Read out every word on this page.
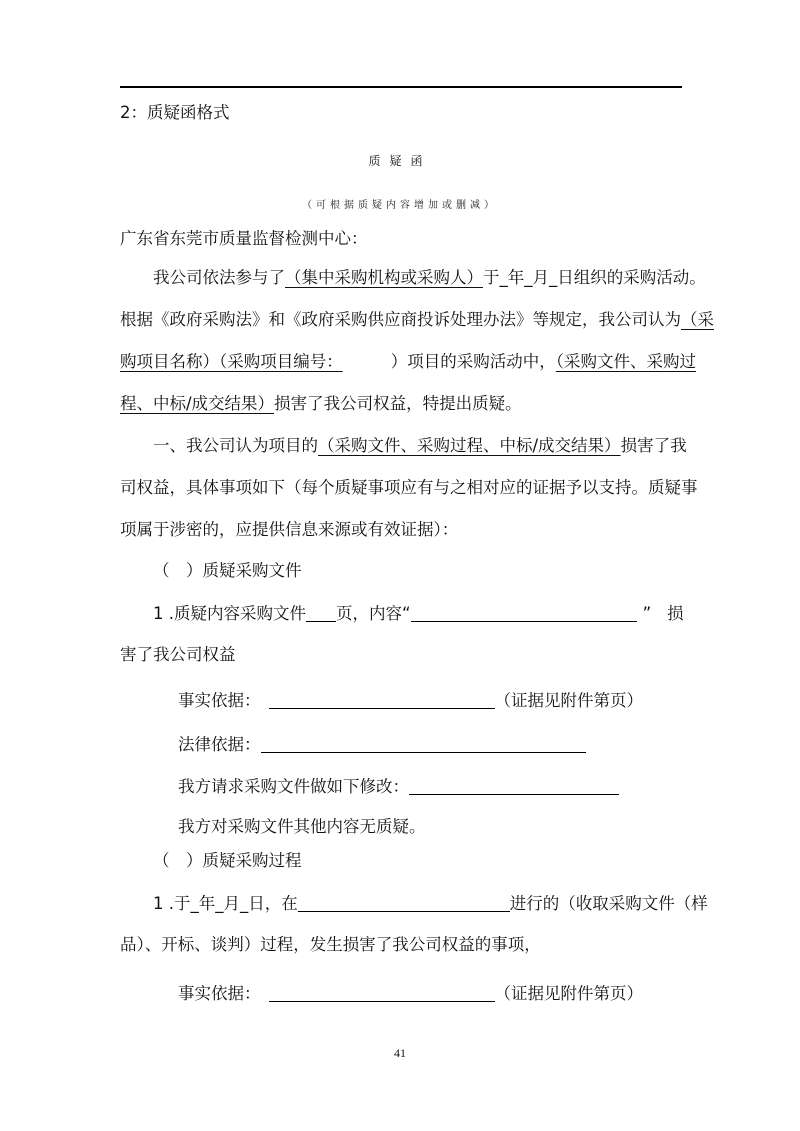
2：质疑函格式
质疑函
（可根据质疑内容增加或删减）
广东省东莞市质量监督检测中心：
我公司依法参与了（集中采购机构或采购人）于_年_月_日组织的采购活动。
根据《政府采购法》和《政府采购供应商投诉处理办法》等规定，我公司认为 （采
购项目名称）（采购项目编号：	）项目的采购活动中，（采购文件、采购过
程、中标/成交结果）损害了我公司权益，特提出质疑。
一、我公司认为项目的（采购文件、采购过程、中标/成交结果）损害了我
司权益，具体事项如下（每个质疑事项应有与之相对应的证据予以支持。质疑事
项属于涉密的，应提供信息来源或有效证据）：
（　）质疑采购文件
1 .质疑内容采购文件 页，内容“	” 损
害了我公司权益
事实依据：	（证据见附件第页）
法律依据：
我方请求采购文件做如下修改：
我方对采购文件其他内容无质疑。
（　）质疑采购过程
1 .于_年_月_日，在	进行的（收取采购文件（样
品）、开标、谈判）过程，发生损害了我公司权益的事项，
事实依据：	（证据见附件第页）
41
